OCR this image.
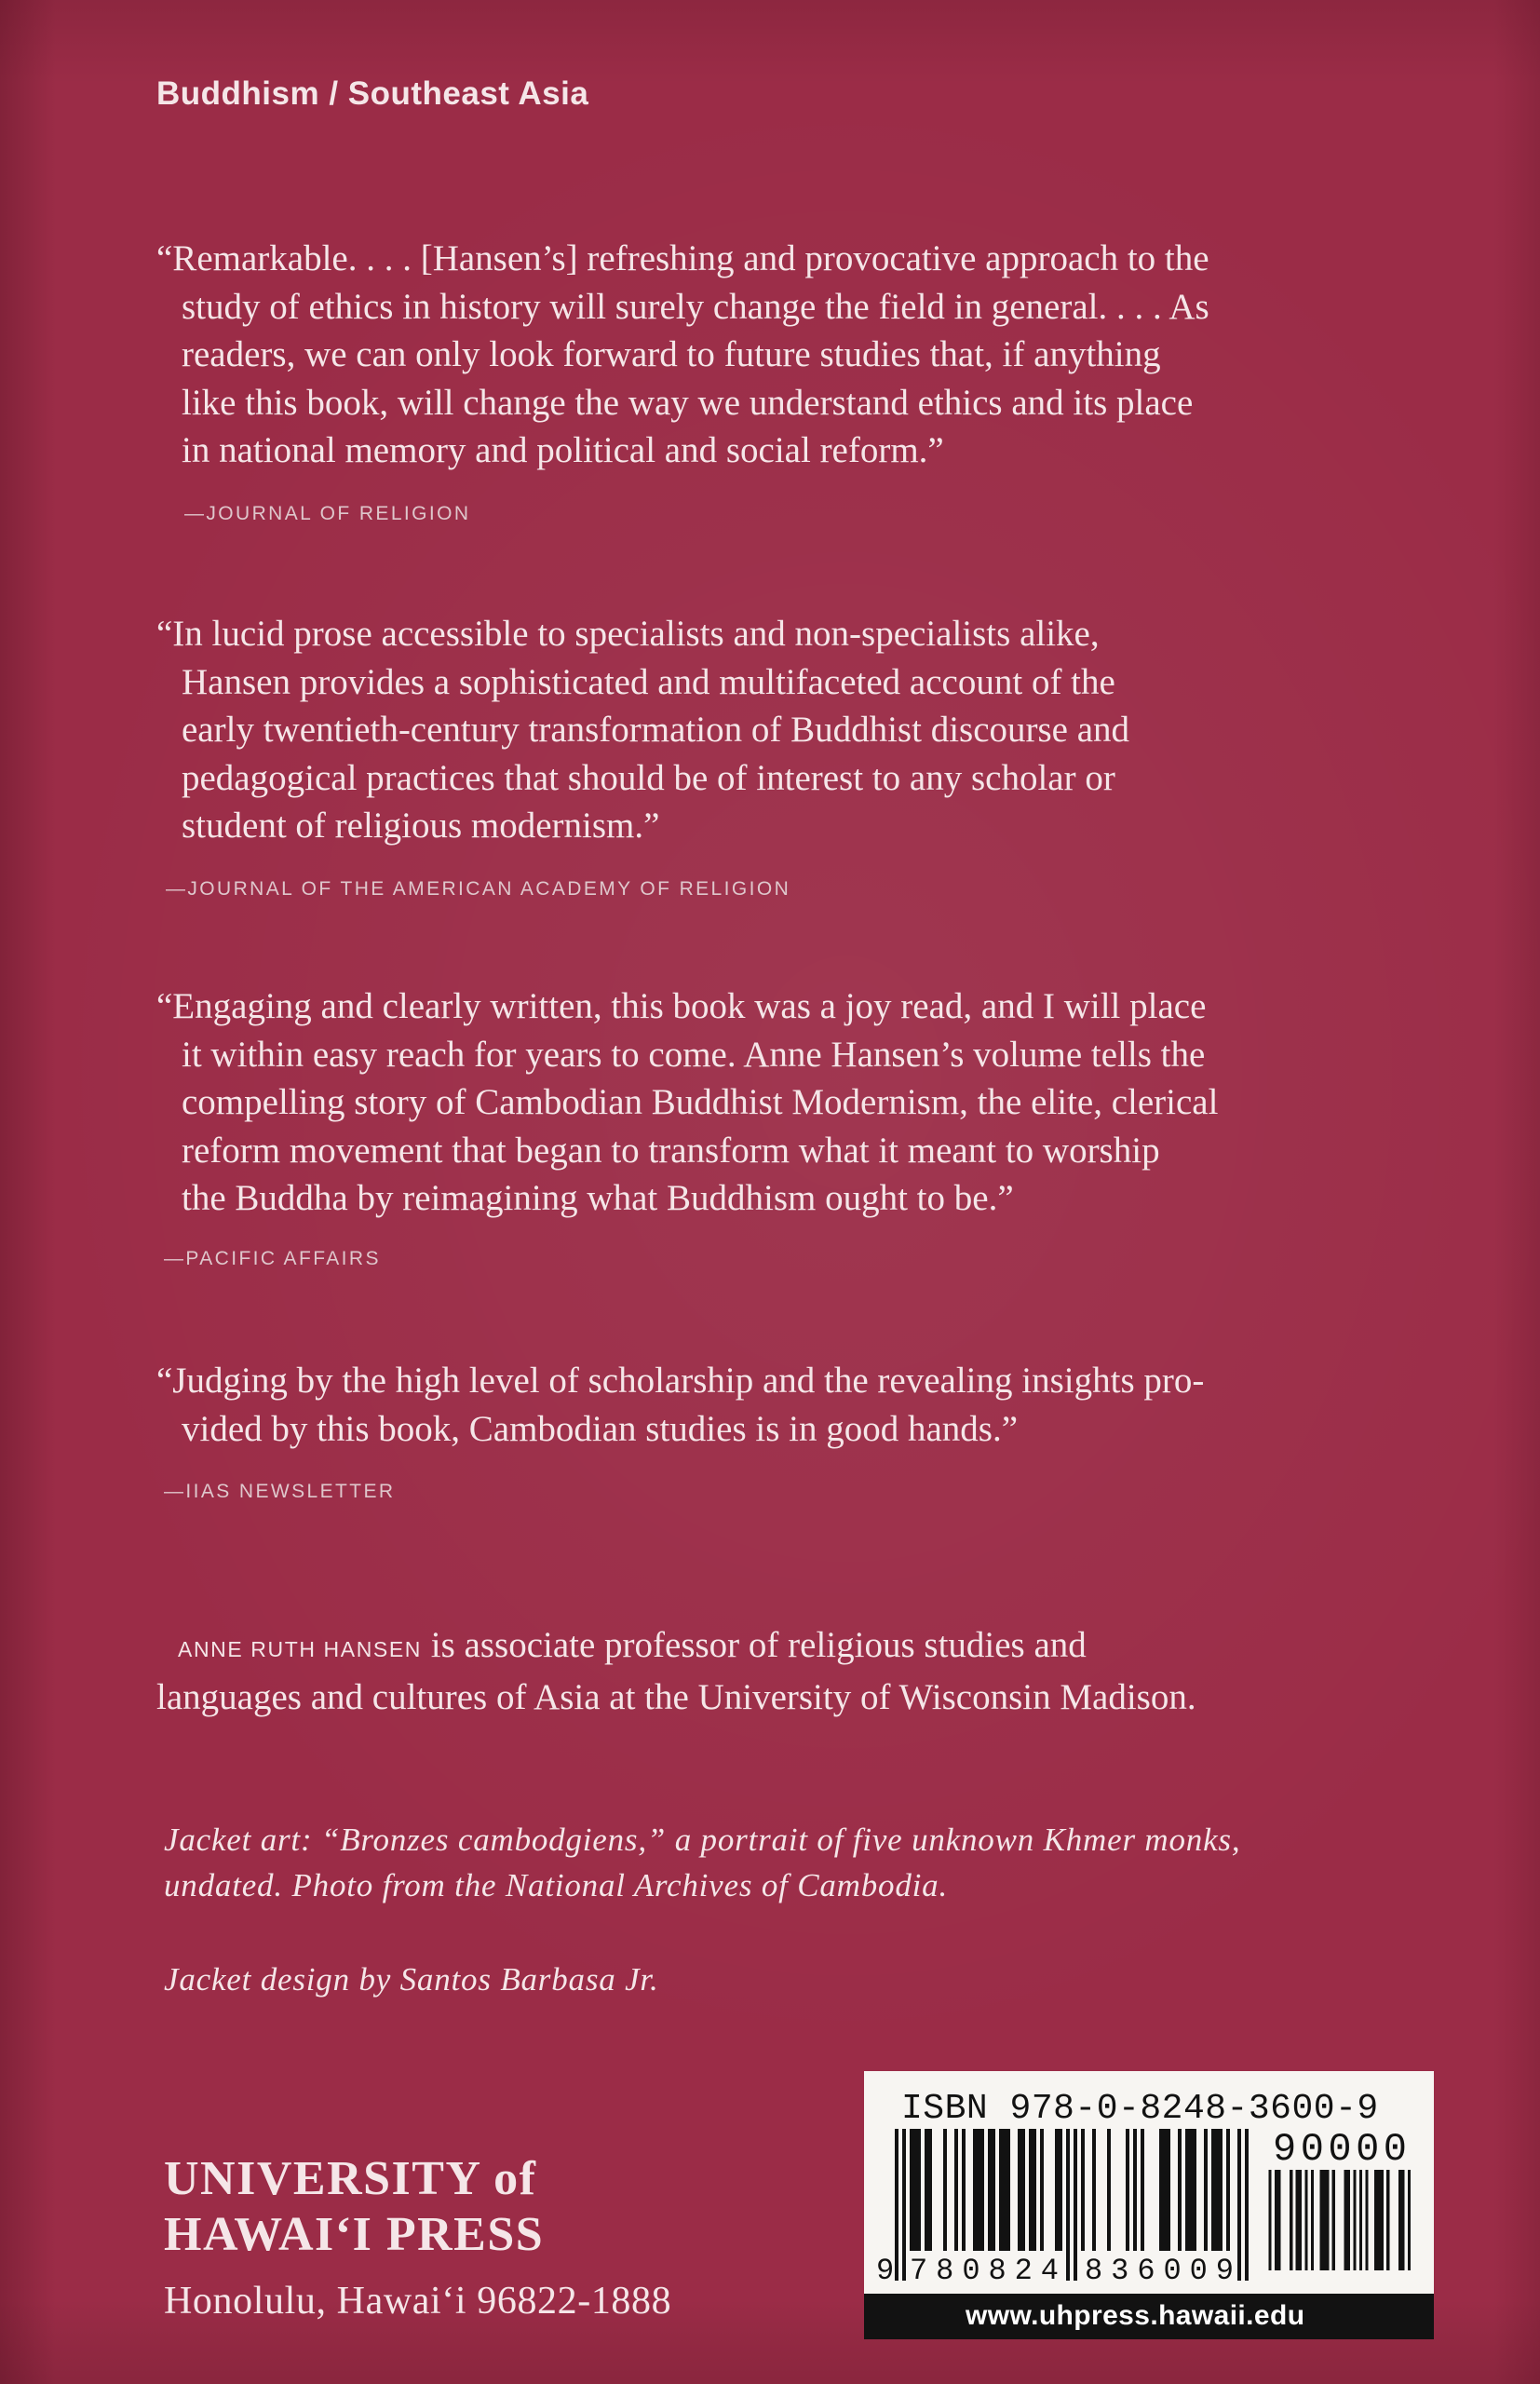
Buddhism / Southeast Asia
“Remarkable. . . . [Hansen’s] refreshing and provocative approach to the
study of ethics in history will surely change the field in general. . . . As
readers, we can only look forward to future studies that, if anything
like this book, will change the way we understand ethics and its place
in national memory and political and social reform.”
—JOURNAL OF RELIGION
“In lucid prose accessible to specialists and non-specialists alike,
Hansen provides a sophisticated and multifaceted account of the
early twentieth-century transformation of Buddhist discourse and
pedagogical practices that should be of interest to any scholar or
student of religious modernism.”
—JOURNAL OF THE AMERICAN ACADEMY OF RELIGION
“Engaging and clearly written, this book was a joy read, and I will place
it within easy reach for years to come. Anne Hansen’s volume tells the
compelling story of Cambodian Buddhist Modernism, the elite, clerical
reform movement that began to transform what it meant to worship
the Buddha by reimagining what Buddhism ought to be.”
—PACIFIC AFFAIRS
“Judging by the high level of scholarship and the revealing insights pro-
vided by this book, Cambodian studies is in good hands.”
—IIAS NEWSLETTER
ANNE RUTH HANSEN is associate professor of religious studies and
languages and cultures of Asia at the University of Wisconsin Madison.
Jacket art: “Bronzes cambodgiens,” a portrait of five unknown Khmer monks,
undated. Photo from the National Archives of Cambodia.
Jacket design by Santos Barbasa Jr.
UNIVERSITY of
HAWAI‘I PRESS
Honolulu, Hawai‘i 96822-1888
ISBN 978-0-8248-3600-9
90000
9 780824 836009
www.uhpress.hawaii.edu
